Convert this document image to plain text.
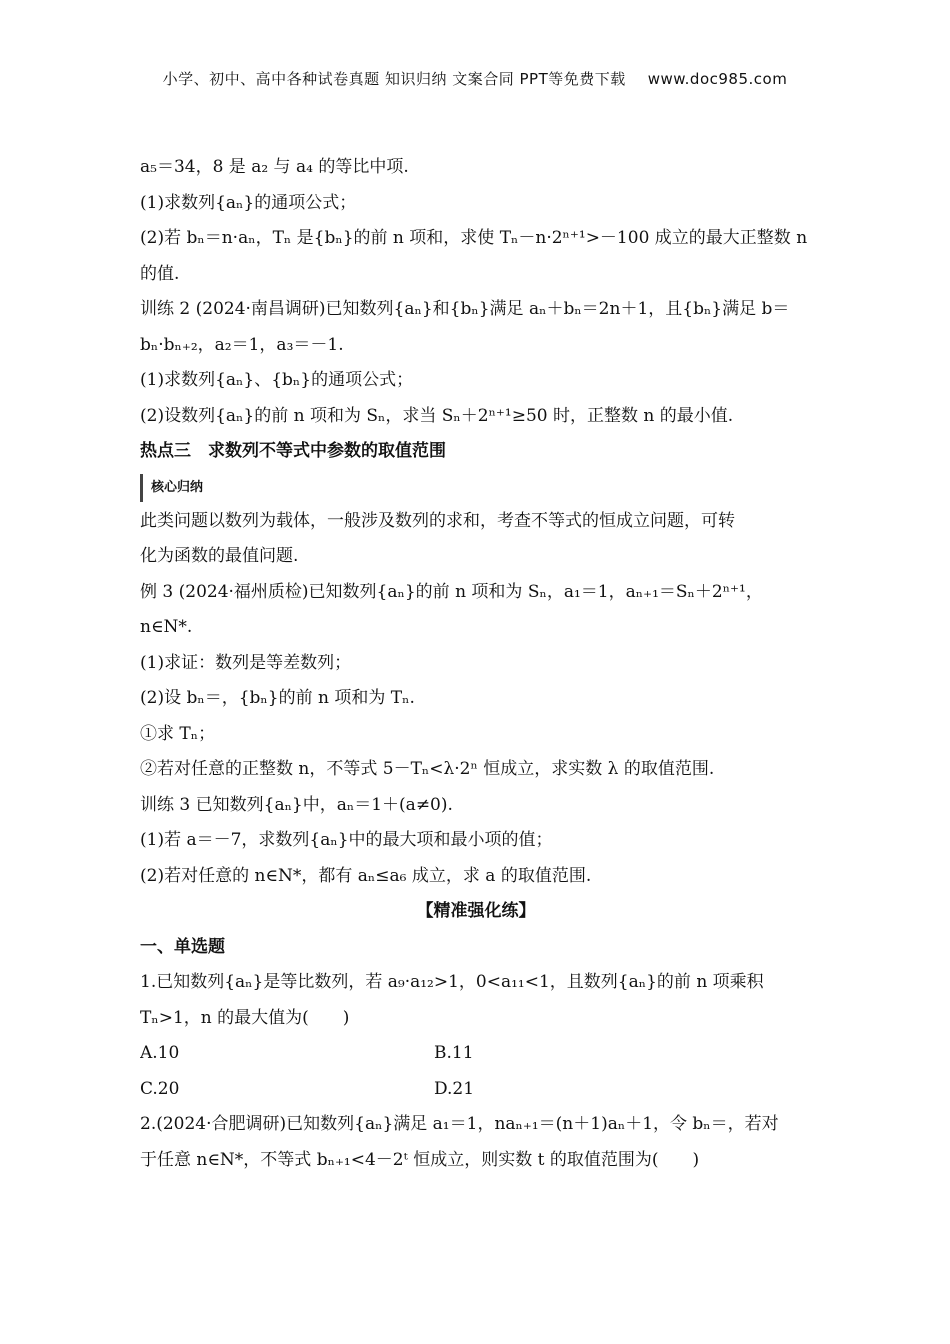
小学、初中、高中各种试卷真题 知识归纳 文案合同 PPT等免费下载 www.doc985.com
a₅＝34，8 是 a₂ 与 a₄ 的等比中项.
(1)求数列{aₙ}的通项公式；
(2)若 bₙ＝n·aₙ，Tₙ 是{bₙ}的前 n 项和，求使 Tₙ－n·2ⁿ⁺¹>－100 成立的最大正整数 n
的值.
训练 2 (2024·南昌调研)已知数列{aₙ}和{bₙ}满足 aₙ＋bₙ＝2n＋1，且{bₙ}满足 b＝
bₙ·bₙ₊₂，a₂＝1，a₃＝－1.
(1)求数列{aₙ}、{bₙ}的通项公式；
(2)设数列{aₙ}的前 n 项和为 Sₙ，求当 Sₙ＋2ⁿ⁺¹≥50 时，正整数 n 的最小值.
热点三　求数列不等式中参数的取值范围
核心归纳
此类问题以数列为载体，一般涉及数列的求和，考查不等式的恒成立问题，可转
化为函数的最值问题.
例 3 (2024·福州质检)已知数列{aₙ}的前 n 项和为 Sₙ，a₁＝1，aₙ₊₁＝Sₙ＋2ⁿ⁺¹，
n∈N*.
(1)求证：数列是等差数列；
(2)设 bₙ＝，{bₙ}的前 n 项和为 Tₙ.
①求 Tₙ；
②若对任意的正整数 n，不等式 5－Tₙ<λ·2ⁿ 恒成立，求实数 λ 的取值范围.
训练 3 已知数列{aₙ}中，aₙ＝1＋(a≠0).
(1)若 a＝－7，求数列{aₙ}中的最大项和最小项的值；
(2)若对任意的 n∈N*，都有 aₙ≤a₆ 成立，求 a 的取值范围.
【精准强化练】
一、单选题
1.已知数列{aₙ}是等比数列，若 a₉·a₁₂>1，0<a₁₁<1，且数列{aₙ}的前 n 项乘积
Tₙ>1，n 的最大值为(　　)
A.10	B.11
C.20	D.21
2.(2024·合肥调研)已知数列{aₙ}满足 a₁＝1，naₙ₊₁＝(n＋1)aₙ＋1，令 bₙ＝，若对
于任意 n∈N*，不等式 bₙ₊₁<4－2ᵗ 恒成立，则实数 t 的取值范围为(　　)
